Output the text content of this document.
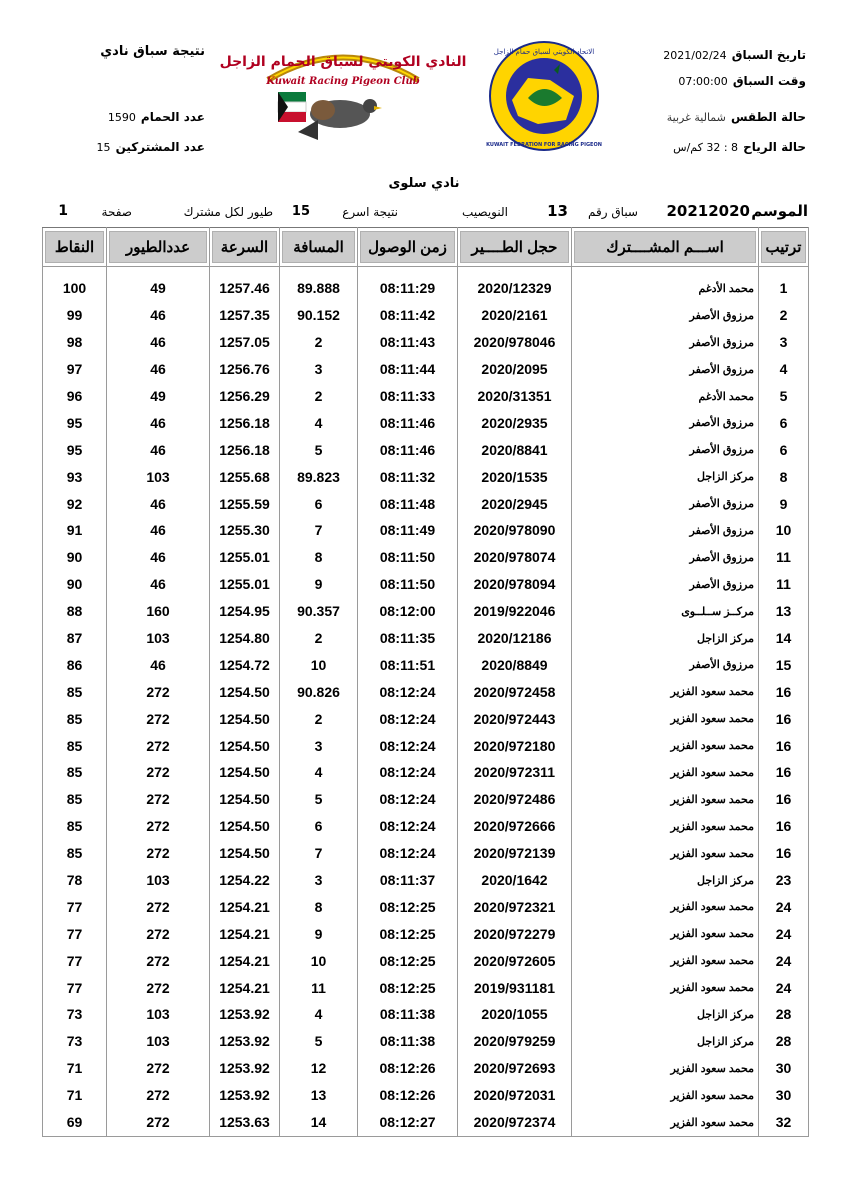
تاريخ السباق 2021/02/24
وقت السباق 07:00:00
حالة الطقس شمالية غربية
حالة الرياح 8 : 32 كم/س
نتيجة سباق نادي
عدد الحمام 1590
عدد المشتركين 15
النادي الكويتي لسباق الحمام الزاجل
Kuwait Racing Pigeon Club
الاتحاد الكويتي لسباق حمام الزاجل
KUWAIT FEDRATION FOR RACING PIGEON
نادي سلوى
الموسم
20212020
سباق رقم
13
النويصيب
نتيجة اسرع
15
طيور لكل مشترك
صفحة
1
النقاط	عددالطيور	السرعة	المسافة	زمن الوصول	حجل الطــــير	اســـم المشــــترك	ترتيب

100	49	1257.46	89.888	08:11:29	2020/12329	محمد الأدغم	1
99	46	1257.35	90.152	08:11:42	2020/2161	مرزوق الأصفر	2
98	46	1257.05	2	08:11:43	2020/978046	مرزوق الأصفر	3
97	46	1256.76	3	08:11:44	2020/2095	مرزوق الأصفر	4
96	49	1256.29	2	08:11:33	2020/31351	محمد الأدغم	5
95	46	1256.18	4	08:11:46	2020/2935	مرزوق الأصفر	6
95	46	1256.18	5	08:11:46	2020/8841	مرزوق الأصفر	6
93	103	1255.68	89.823	08:11:32	2020/1535	مركز الزاجل	8
92	46	1255.59	6	08:11:48	2020/2945	مرزوق الأصفر	9
91	46	1255.30	7	08:11:49	2020/978090	مرزوق الأصفر	10
90	46	1255.01	8	08:11:50	2020/978074	مرزوق الأصفر	11
90	46	1255.01	9	08:11:50	2020/978094	مرزوق الأصفر	11
88	160	1254.95	90.357	08:12:00	2019/922046	مركــز ســلــوى	13
87	103	1254.80	2	08:11:35	2020/12186	مركز الزاجل	14
86	46	1254.72	10	08:11:51	2020/8849	مرزوق الأصفر	15
85	272	1254.50	90.826	08:12:24	2020/972458	محمد سعود الفزير	16
85	272	1254.50	2	08:12:24	2020/972443	محمد سعود الفزير	16
85	272	1254.50	3	08:12:24	2020/972180	محمد سعود الفزير	16
85	272	1254.50	4	08:12:24	2020/972311	محمد سعود الفزير	16
85	272	1254.50	5	08:12:24	2020/972486	محمد سعود الفزير	16
85	272	1254.50	6	08:12:24	2020/972666	محمد سعود الفزير	16
85	272	1254.50	7	08:12:24	2020/972139	محمد سعود الفزير	16
78	103	1254.22	3	08:11:37	2020/1642	مركز الزاجل	23
77	272	1254.21	8	08:12:25	2020/972321	محمد سعود الفزير	24
77	272	1254.21	9	08:12:25	2020/972279	محمد سعود الفزير	24
77	272	1254.21	10	08:12:25	2020/972605	محمد سعود الفزير	24
77	272	1254.21	11	08:12:25	2019/931181	محمد سعود الفزير	24
73	103	1253.92	4	08:11:38	2020/1055	مركز الزاجل	28
73	103	1253.92	5	08:11:38	2020/979259	مركز الزاجل	28
71	272	1253.92	12	08:12:26	2020/972693	محمد سعود الفزير	30
71	272	1253.92	13	08:12:26	2020/972031	محمد سعود الفزير	30
69	272	1253.63	14	08:12:27	2020/972374	محمد سعود الفزير	32
